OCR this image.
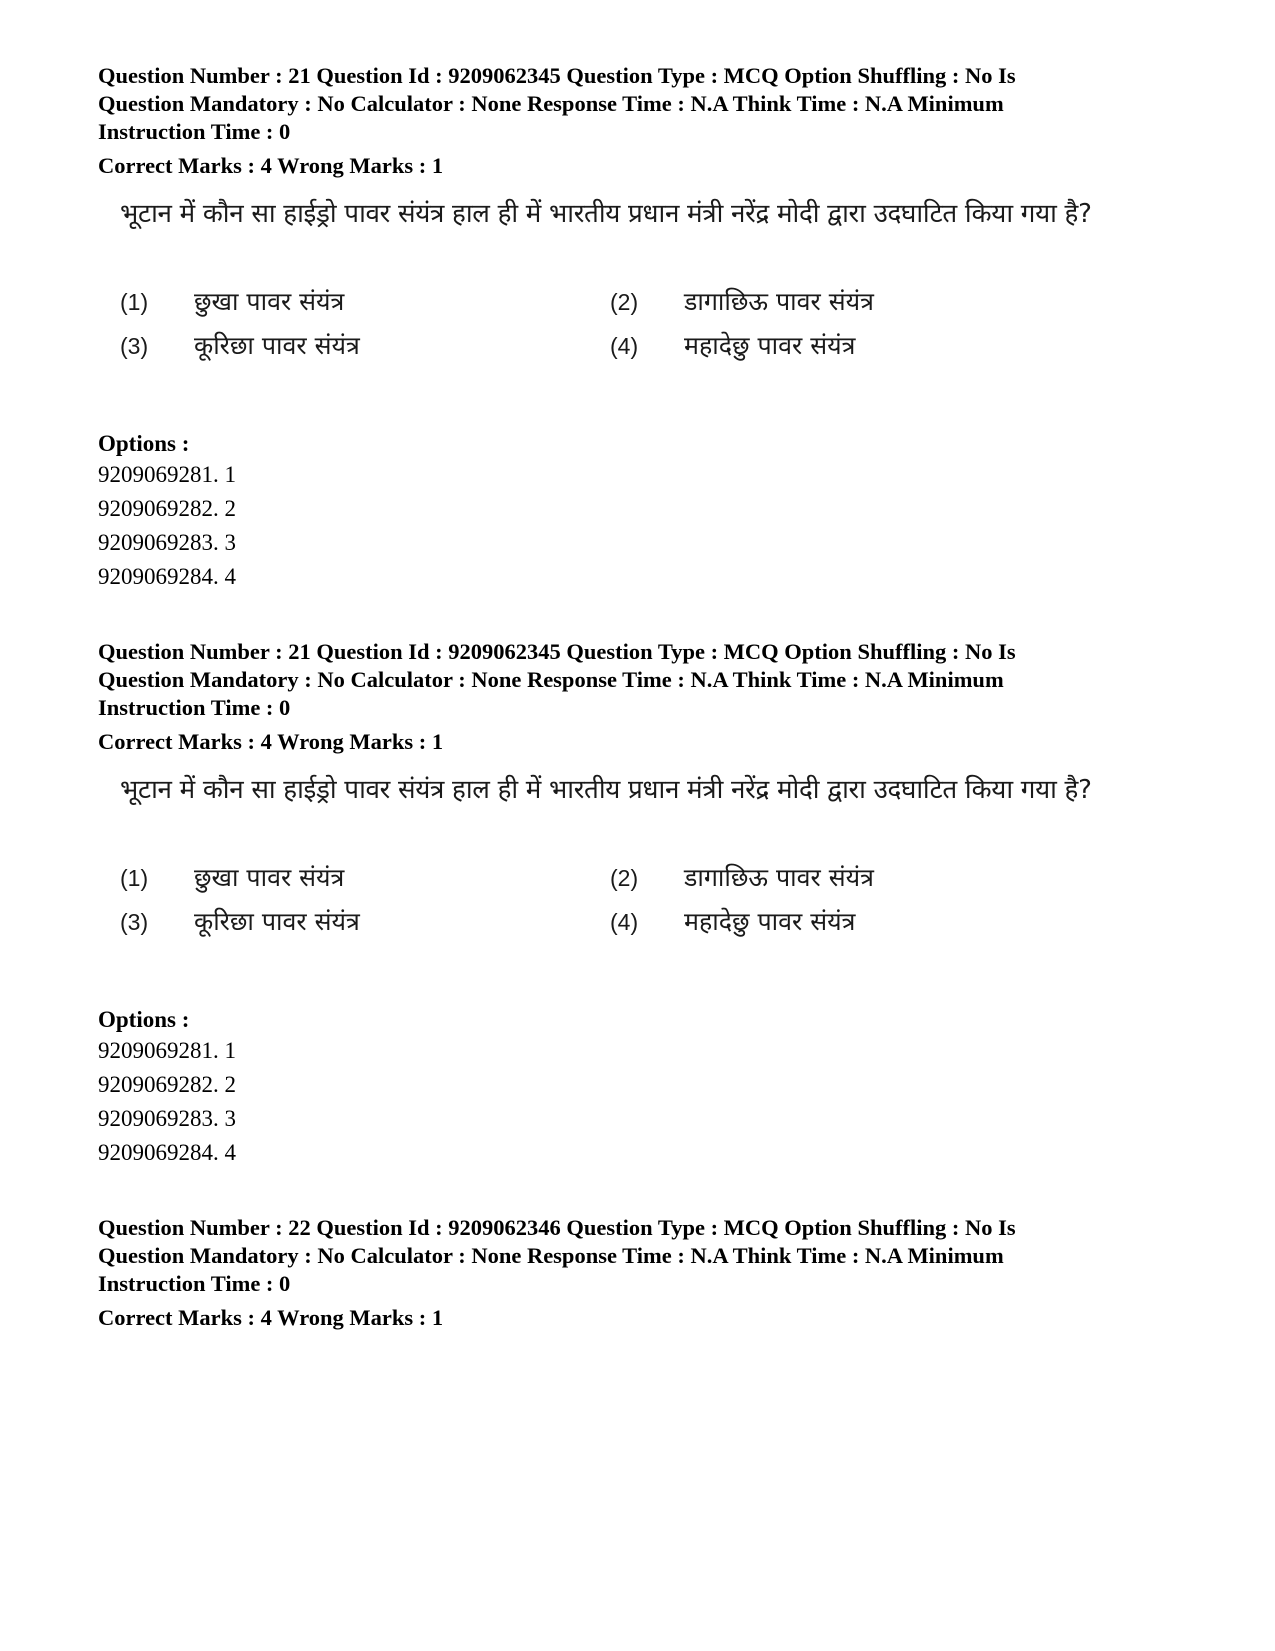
Question Number : 21 Question Id : 9209062345 Question Type : MCQ Option Shuffling : No Is
Question Mandatory : No Calculator : None Response Time : N.A Think Time : N.A Minimum
Instruction Time : 0
Correct Marks : 4 Wrong Marks : 1
भूटान में कौन सा हाईड्रो पावर संयंत्र हाल ही में भारतीय प्रधान मंत्री नरेंद्र मोदी द्वारा उदघाटित किया गया है?
(1) छुखा पावर संयंत्र	(2) डागाछिऊ पावर संयंत्र
(3) कूरिछा पावर संयंत्र	(4) महादेछु पावर संयंत्र
Options :
9209069281. 1
9209069282. 2
9209069283. 3
9209069284. 4
Question Number : 21 Question Id : 9209062345 Question Type : MCQ Option Shuffling : No Is
Question Mandatory : No Calculator : None Response Time : N.A Think Time : N.A Minimum
Instruction Time : 0
Correct Marks : 4 Wrong Marks : 1
भूटान में कौन सा हाईड्रो पावर संयंत्र हाल ही में भारतीय प्रधान मंत्री नरेंद्र मोदी द्वारा उदघाटित किया गया है?
(1) छुखा पावर संयंत्र	(2) डागाछिऊ पावर संयंत्र
(3) कूरिछा पावर संयंत्र	(4) महादेछु पावर संयंत्र
Options :
9209069281. 1
9209069282. 2
9209069283. 3
9209069284. 4
Question Number : 22 Question Id : 9209062346 Question Type : MCQ Option Shuffling : No Is
Question Mandatory : No Calculator : None Response Time : N.A Think Time : N.A Minimum
Instruction Time : 0
Correct Marks : 4 Wrong Marks : 1
